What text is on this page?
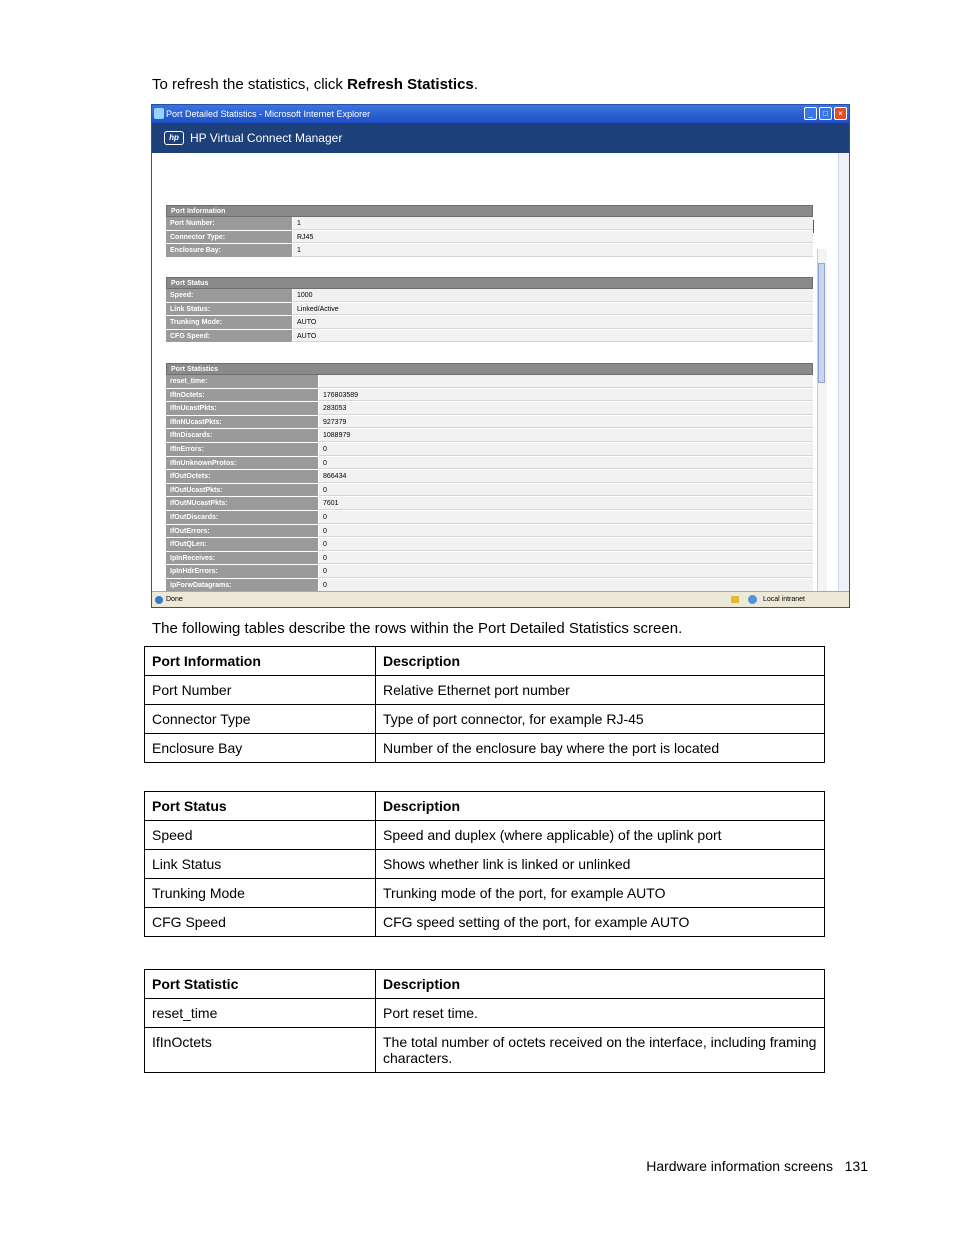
To refresh the statistics, click Refresh Statistics.
Port Detailed Statistics - Microsoft Internet Explorer	_	□	×
hp HP Virtual Connect Manager
Port Information
Port Number:	1
Connector Type:	RJ45
Enclosure Bay:	1
Port Status
Speed:	1000
Link Status:	Linked/Active
Trunking Mode:	AUTO
CFG Speed:	AUTO
Port Statistics
reset_time:
IfInOctets:	176803589
IfInUcastPkts:	283053
IfInNUcastPkts:	927379
IfInDiscards:	1088979
IfInErrors:	0
IfInUnknownProtos:	0
IfOutOctets:	866434
IfOutUcastPkts:	0
IfOutNUcastPkts:	7601
IfOutDiscards:	0
IfOutErrors:	0
IfOutQLen:	0
IpInReceives:	0
IpInHdrErrors:	0
IpForwDatagrams:	0
Done	Local intranet
The following tables describe the rows within the Port Detailed Statistics screen.
Port Information	Description
Port Number	Relative Ethernet port number
Connector Type	Type of port connector, for example RJ-45
Enclosure Bay	Number of the enclosure bay where the port is located
Port Status	Description
Speed	Speed and duplex (where applicable) of the uplink port
Link Status	Shows whether link is linked or unlinked
Trunking Mode	Trunking mode of the port, for example AUTO
CFG Speed	CFG speed setting of the port, for example AUTO
Port Statistic	Description
reset_time	Port reset time.
IfInOctets	The total number of octets received on the interface, including framing characters.
Hardware information screens 131
